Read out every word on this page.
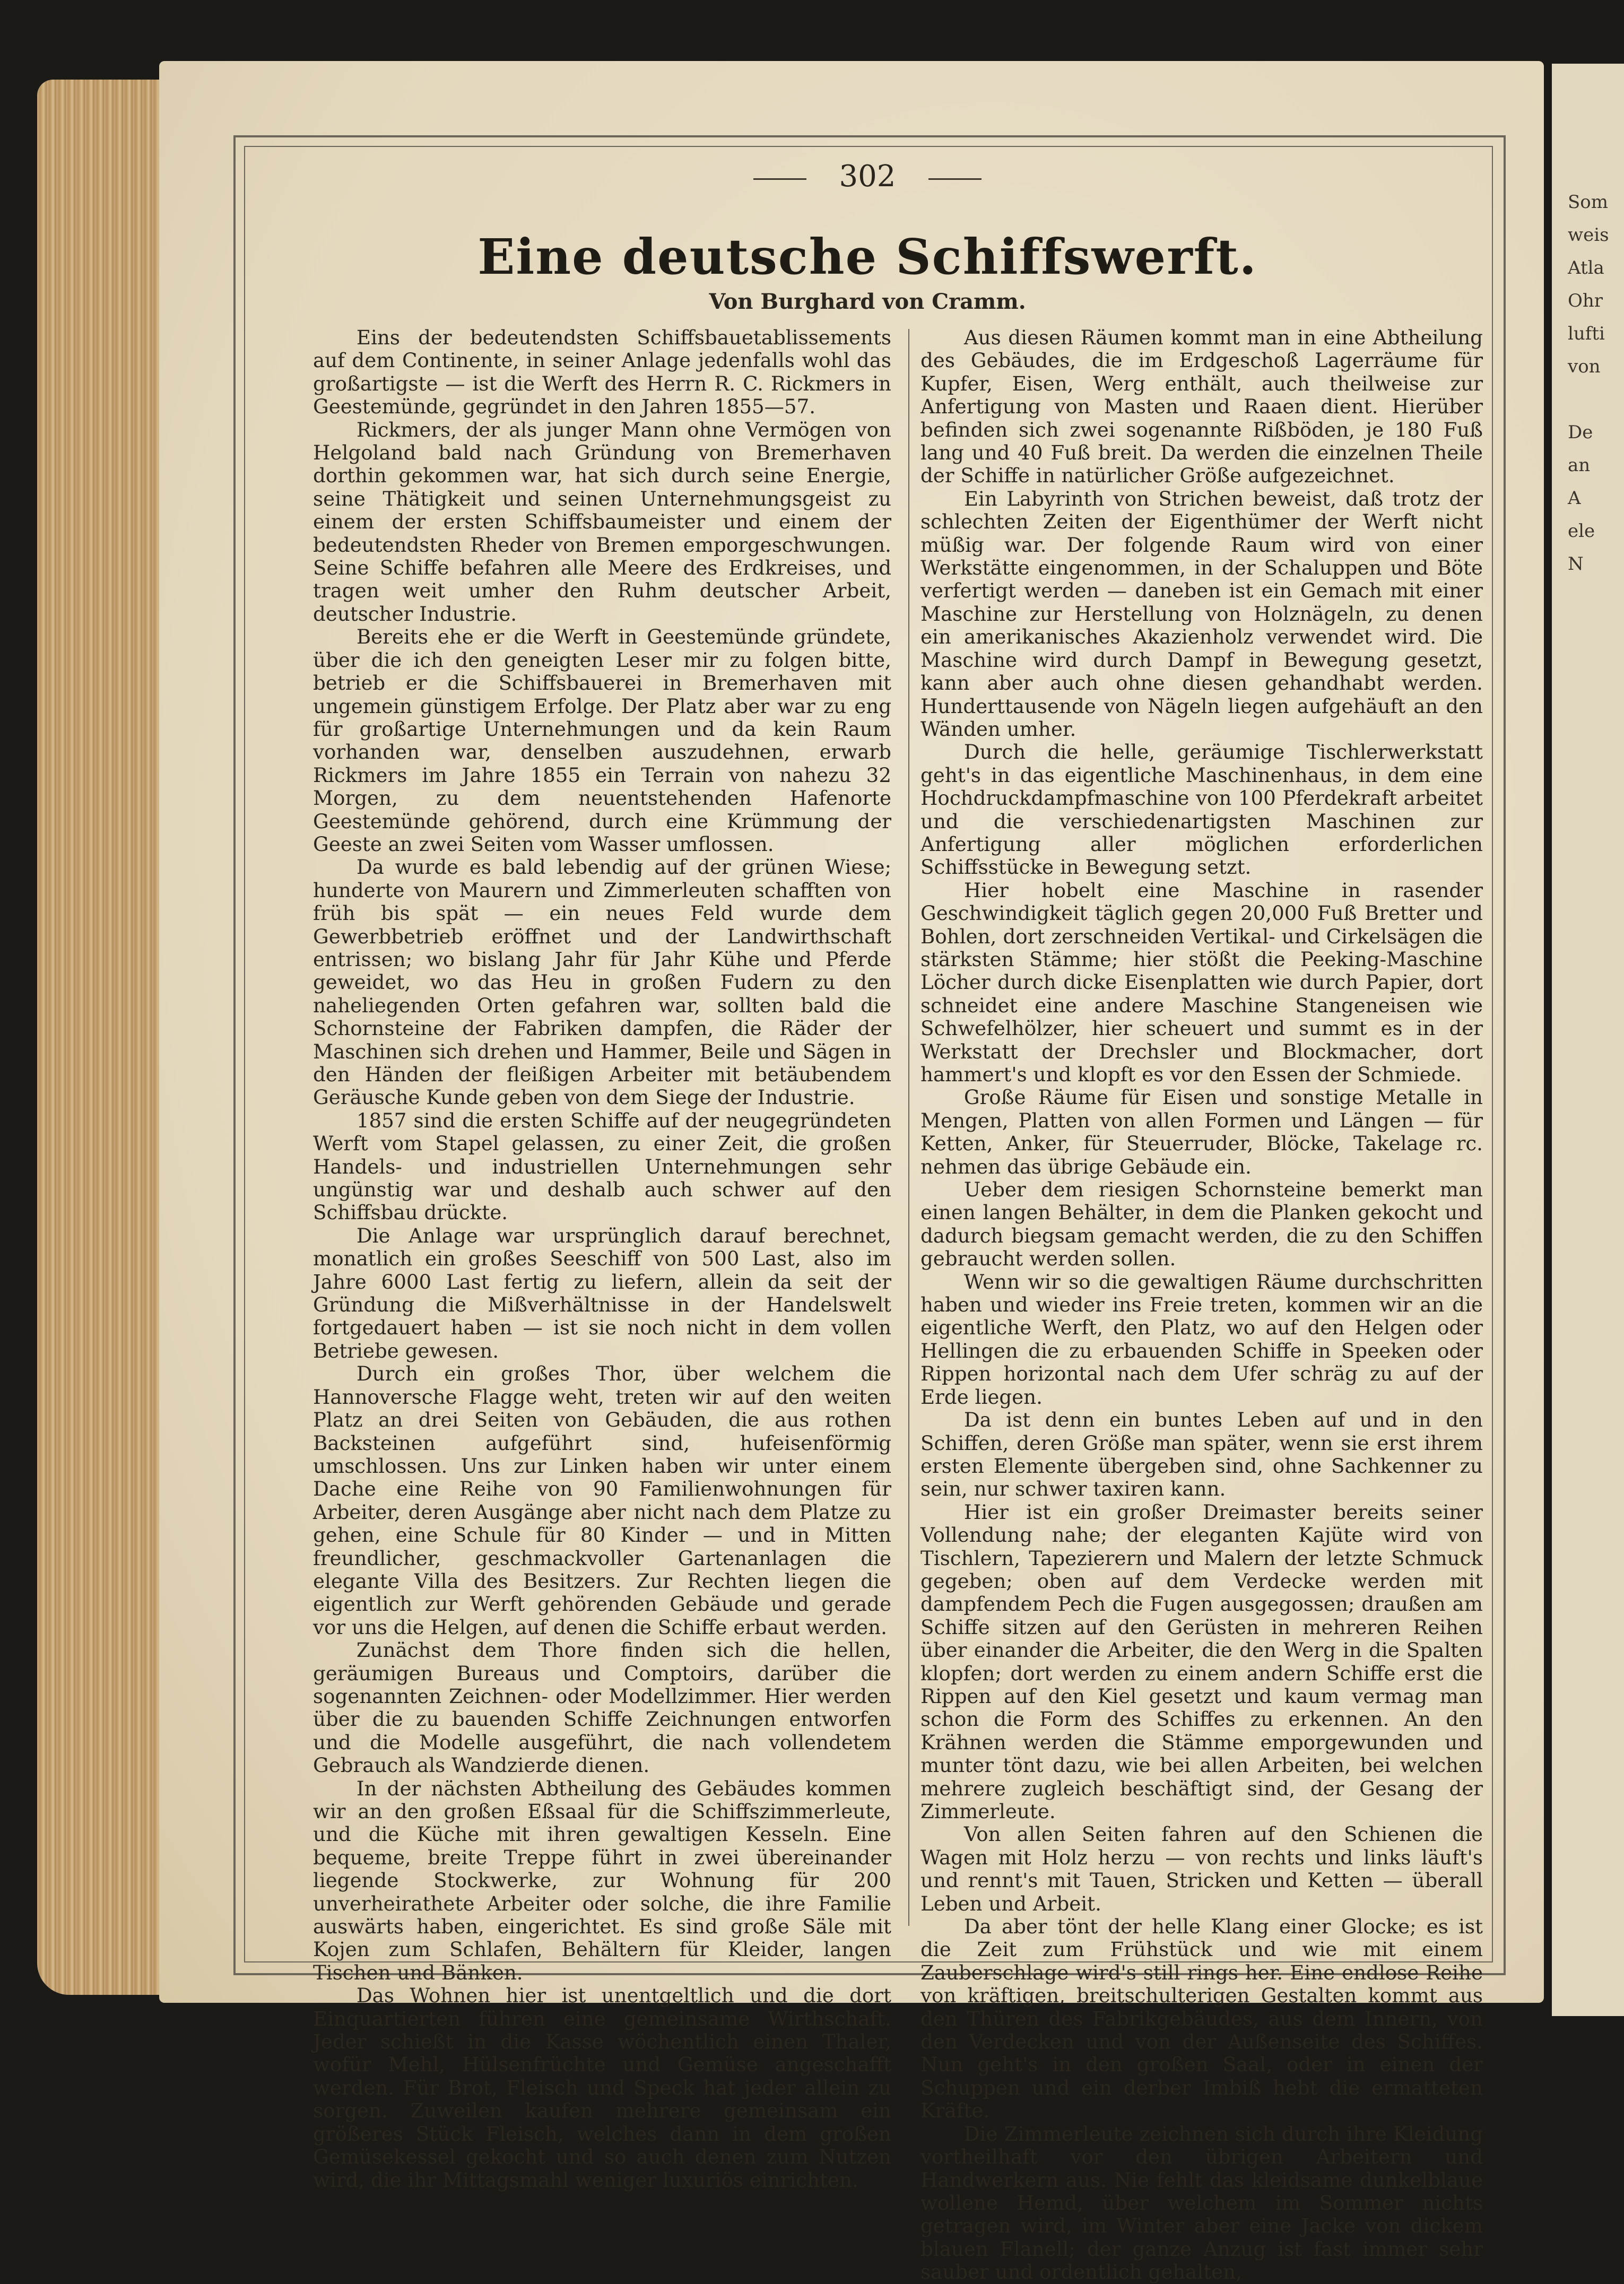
Som
weis
Atla
Ohr
lufti
von

De
an
A
ele
N
302
Eine deutsche Schiffswerft.
Von Burghard von Cramm.

Eins der bedeutendsten Schiffsbauetablissements auf dem Continente, in seiner Anlage jedenfalls wohl das großartigste — ist die Werft des Herrn R. C. Rickmers in Geestemünde, gegründet in den Jahren 1855—57.

Rickmers, der als junger Mann ohne Vermögen von Helgoland bald nach Gründung von Bremerhaven dorthin gekommen war, hat sich durch seine Energie, seine Thätigkeit und seinen Unternehmungsgeist zu einem der ersten Schiffsbaumeister und einem der bedeutendsten Rheder von Bremen emporgeschwungen. Seine Schiffe befahren alle Meere des Erdkreises, und tragen weit umher den Ruhm deutscher Arbeit, deutscher Industrie.

Bereits ehe er die Werft in Geestemünde gründete, über die ich den geneigten Leser mir zu folgen bitte, betrieb er die Schiffsbauerei in Bremerhaven mit ungemein günstigem Erfolge. Der Platz aber war zu eng für großartige Unternehmungen und da kein Raum vorhanden war, denselben auszudehnen, erwarb Rickmers im Jahre 1855 ein Terrain von nahezu 32 Morgen, zu dem neuentstehenden Hafenorte Geestemünde gehörend, durch eine Krümmung der Geeste an zwei Seiten vom Wasser umflossen.

Da wurde es bald lebendig auf der grünen Wiese; hunderte von Maurern und Zimmerleuten schafften von früh bis spät — ein neues Feld wurde dem Gewerbbetrieb eröffnet und der Landwirthschaft entrissen; wo bislang Jahr für Jahr Kühe und Pferde geweidet, wo das Heu in großen Fudern zu den naheliegenden Orten gefahren war, sollten bald die Schornsteine der Fabriken dampfen, die Räder der Maschinen sich drehen und Hammer, Beile und Sägen in den Händen der fleißigen Arbeiter mit betäubendem Geräusche Kunde geben von dem Siege der Industrie.

1857 sind die ersten Schiffe auf der neugegründeten Werft vom Stapel gelassen, zu einer Zeit, die großen Handels- und industriellen Unternehmungen sehr ungünstig war und deshalb auch schwer auf den Schiffsbau drückte.

Die Anlage war ursprünglich darauf berechnet, monatlich ein großes Seeschiff von 500 Last, also im Jahre 6000 Last fertig zu liefern, allein da seit der Gründung die Mißverhältnisse in der Handelswelt fortgedauert haben — ist sie noch nicht in dem vollen Betriebe gewesen.

Durch ein großes Thor, über welchem die Hannoversche Flagge weht, treten wir auf den weiten Platz an drei Seiten von Gebäuden, die aus rothen Backsteinen aufgeführt sind, hufeisenförmig umschlossen. Uns zur Linken haben wir unter einem Dache eine Reihe von 90 Familienwohnungen für Arbeiter, deren Ausgänge aber nicht nach dem Platze zu gehen, eine Schule für 80 Kinder — und in Mitten freundlicher, geschmackvoller Gartenanlagen die elegante Villa des Besitzers. Zur Rechten liegen die eigentlich zur Werft gehörenden Gebäude und gerade vor uns die Helgen, auf denen die Schiffe erbaut werden.

Zunächst dem Thore finden sich die hellen, geräumigen Bureaus und Comptoirs, darüber die sogenannten Zeichnen- oder Modellzimmer. Hier werden über die zu bauenden Schiffe Zeichnungen entworfen und die Modelle ausgeführt, die nach vollendetem Gebrauch als Wandzierde dienen.

In der nächsten Abtheilung des Gebäudes kommen wir an den großen Eßsaal für die Schiffszimmerleute, und die Küche mit ihren gewaltigen Kesseln. Eine bequeme, breite Treppe führt in zwei übereinander liegende Stockwerke, zur Wohnung für 200 unverheirathete Arbeiter oder solche, die ihre Familie auswärts haben, eingerichtet. Es sind große Säle mit Kojen zum Schlafen, Behältern für Kleider, langen Tischen und Bänken.

Das Wohnen hier ist unentgeltlich und die dort Einquartierten führen eine gemeinsame Wirthschaft. Jeder schießt in die Kasse wöchentlich einen Thaler, wofür Mehl, Hülsenfrüchte und Gemüse angeschafft werden. Für Brot, Fleisch und Speck hat jeder allein zu sorgen. Zuweilen kaufen mehrere gemeinsam ein größeres Stück Fleisch, welches dann in dem großen Gemüsekessel gekocht und so auch denen zum Nutzen wird, die ihr Mittagsmahl weniger luxuriös einrichten.

Aus diesen Räumen kommt man in eine Abtheilung des Gebäudes, die im Erdgeschoß Lagerräume für Kupfer, Eisen, Werg enthält, auch theilweise zur Anfertigung von Masten und Raaen dient. Hierüber befinden sich zwei sogenannte Rißböden, je 180 Fuß lang und 40 Fuß breit. Da werden die einzelnen Theile der Schiffe in natürlicher Größe aufgezeichnet.

Ein Labyrinth von Strichen beweist, daß trotz der schlechten Zeiten der Eigenthümer der Werft nicht müßig war. Der folgende Raum wird von einer Werkstätte eingenommen, in der Schaluppen und Böte verfertigt werden — daneben ist ein Gemach mit einer Maschine zur Herstellung von Holznägeln, zu denen ein amerikanisches Akazienholz verwendet wird. Die Maschine wird durch Dampf in Bewegung gesetzt, kann aber auch ohne diesen gehandhabt werden. Hunderttausende von Nägeln liegen aufgehäuft an den Wänden umher.

Durch die helle, geräumige Tischlerwerkstatt geht's in das eigentliche Maschinenhaus, in dem eine Hochdruckdampfmaschine von 100 Pferdekraft arbeitet und die verschiedenartigsten Maschinen zur Anfertigung aller möglichen erforderlichen Schiffsstücke in Bewegung setzt.

Hier hobelt eine Maschine in rasender Geschwindigkeit täglich gegen 20,000 Fuß Bretter und Bohlen, dort zerschneiden Vertikal- und Cirkelsägen die stärksten Stämme; hier stößt die Peeking-Maschine Löcher durch dicke Eisenplatten wie durch Papier, dort schneidet eine andere Maschine Stangeneisen wie Schwefelhölzer, hier scheuert und summt es in der Werkstatt der Drechsler und Blockmacher, dort hammert's und klopft es vor den Essen der Schmiede.

Große Räume für Eisen und sonstige Metalle in Mengen, Platten von allen Formen und Längen — für Ketten, Anker, für Steuerruder, Blöcke, Takelage rc. nehmen das übrige Gebäude ein.

Ueber dem riesigen Schornsteine bemerkt man einen langen Behälter, in dem die Planken gekocht und dadurch biegsam gemacht werden, die zu den Schiffen gebraucht werden sollen.

Wenn wir so die gewaltigen Räume durchschritten haben und wieder ins Freie treten, kommen wir an die eigentliche Werft, den Platz, wo auf den Helgen oder Hellingen die zu erbauenden Schiffe in Speeken oder Rippen horizontal nach dem Ufer schräg zu auf der Erde liegen.

Da ist denn ein buntes Leben auf und in den Schiffen, deren Größe man später, wenn sie erst ihrem ersten Elemente übergeben sind, ohne Sachkenner zu sein, nur schwer taxiren kann.

Hier ist ein großer Dreimaster bereits seiner Vollendung nahe; der eleganten Kajüte wird von Tischlern, Tapezierern und Malern der letzte Schmuck gegeben; oben auf dem Verdecke werden mit dampfendem Pech die Fugen ausgegossen; draußen am Schiffe sitzen auf den Gerüsten in mehreren Reihen über einander die Arbeiter, die den Werg in die Spalten klopfen; dort werden zu einem andern Schiffe erst die Rippen auf den Kiel gesetzt und kaum vermag man schon die Form des Schiffes zu erkennen. An den Krähnen werden die Stämme emporgewunden und munter tönt dazu, wie bei allen Arbeiten, bei welchen mehrere zugleich beschäftigt sind, der Gesang der Zimmerleute.

Von allen Seiten fahren auf den Schienen die Wagen mit Holz herzu — von rechts und links läuft's und rennt's mit Tauen, Stricken und Ketten — überall Leben und Arbeit.

Da aber tönt der helle Klang einer Glocke; es ist die Zeit zum Frühstück und wie mit einem Zauberschlage wird's still rings her. Eine endlose Reihe von kräftigen, breitschulterigen Gestalten kommt aus den Thüren des Fabrikgebäudes, aus dem Innern, von den Verdecken und von der Außenseite des Schiffes. Nun geht's in den großen Saal, oder in einen der Schuppen und ein derber Imbiß hebt die ermatteten Kräfte.

Die Zimmerleute zeichnen sich durch ihre Kleidung vortheilhaft vor den übrigen Arbeitern und Handwerkern aus. Nie fehlt das kleidsame dunkelblaue wollene Hemd, über welchem im Sommer nichts getragen wird, im Winter aber eine Jacke von dickem blauen Flanell; der ganze Anzug ist fast immer sehr sauber und ordentlich gehalten,
